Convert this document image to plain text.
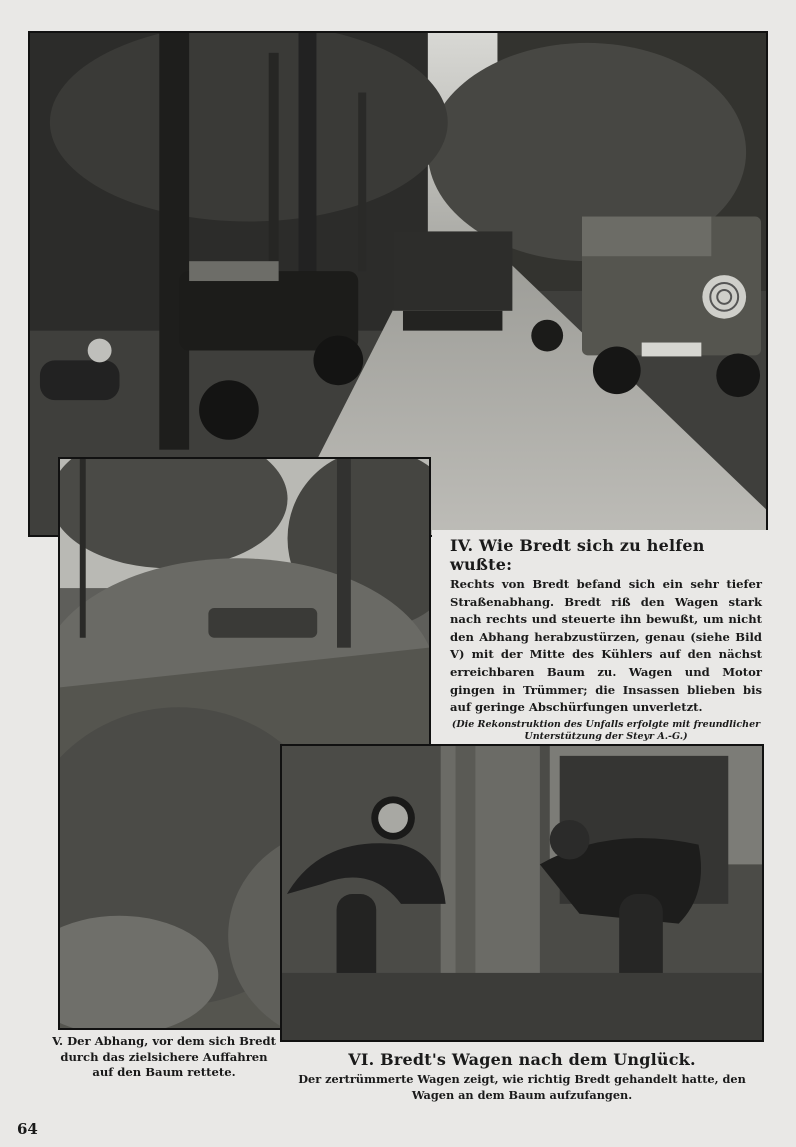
IV. Wie Bredt sich zu helfen wußte:
Rechts von Bredt befand sich ein sehr tiefer Straßenabhang. Bredt riß den Wagen stark nach rechts und steuerte ihn bewußt, um nicht den Abhang herabzustürzen, genau (siehe Bild V) mit der Mitte des Kühlers auf den nächst erreichbaren Baum zu. Wagen und Motor gingen in Trümmer; die Insassen blieben bis auf geringe Abschürfungen unverletzt.
(Die Rekonstruktion des Unfalls erfolgte mit freundlicher Unterstützung der Steyr A.-G.)
V. Der Abhang, vor dem sich Bredt durch das zielsichere Auffahren auf den Baum rettete.
VI. Bredt's Wagen nach dem Unglück.
Der zertrümmerte Wagen zeigt, wie richtig Bredt gehandelt hatte, den Wagen an dem Baum aufzufangen.
64
